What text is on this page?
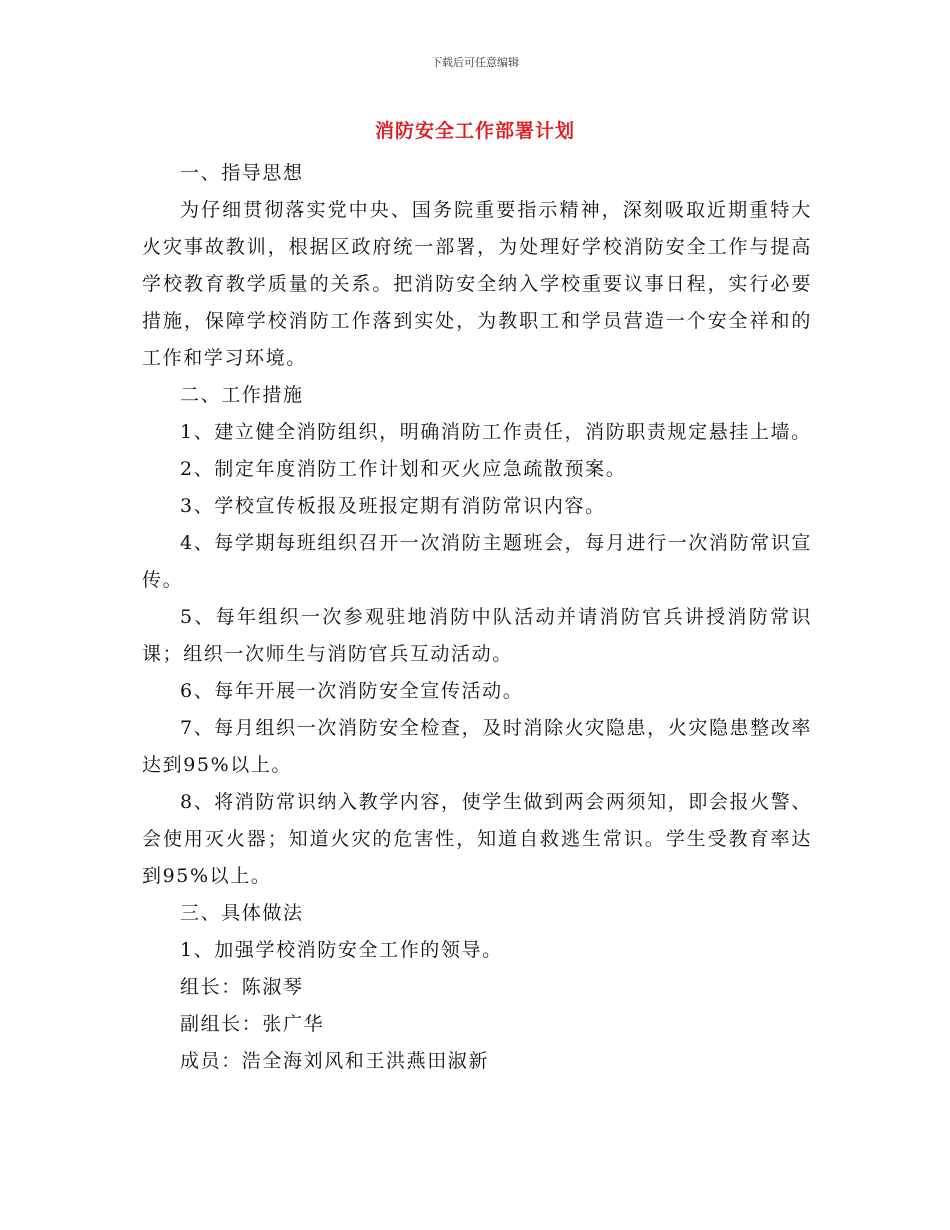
下载后可任意编辑
消防安全工作部署计划

一、指导思想

为仔细贯彻落实党中央、国务院重要指示精神，深刻吸取近期重特大火灾事故教训，根据区政府统一部署，为处理好学校消防安全工作与提高学校教育教学质量的关系。把消防安全纳入学校重要议事日程，实行必要措施，保障学校消防工作落到实处，为教职工和学员营造一个安全祥和的工作和学习环境。

二、工作措施

1、建立健全消防组织，明确消防工作责任，消防职责规定悬挂上墙。

2、制定年度消防工作计划和灭火应急疏散预案。

3、学校宣传板报及班报定期有消防常识内容。

4、每学期每班组织召开一次消防主题班会，每月进行一次消防常识宣传。

5、每年组织一次参观驻地消防中队活动并请消防官兵讲授消防常识课；组织一次师生与消防官兵互动活动。

6、每年开展一次消防安全宣传活动。

7、每月组织一次消防安全检查，及时消除火灾隐患，火灾隐患整改率达到95%以上。

8、将消防常识纳入教学内容，使学生做到两会两须知，即会报火警、会使用灭火器；知道火灾的危害性，知道自救逃生常识。学生受教育率达到95%以上。

三、具体做法

1、加强学校消防安全工作的领导。

组长：陈淑琴

副组长：张广华

成员：浩全海刘风和王洪燕田淑新
